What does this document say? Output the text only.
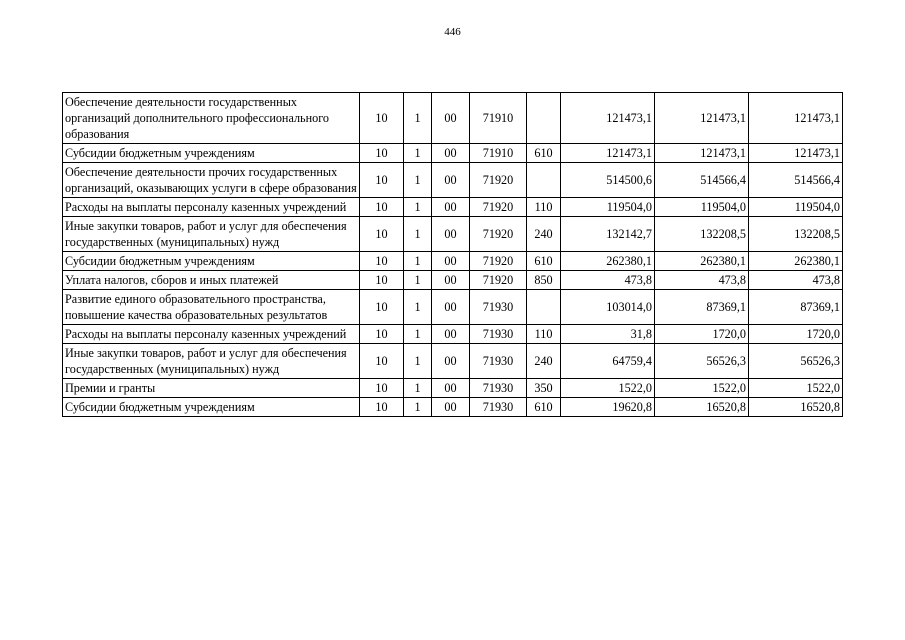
446
Обеспечение деятельности государственных организаций дополнительного профессионального образования	10	1	00	71910		121473,1	121473,1	121473,1
Субсидии бюджетным учреждениям	10	1	00	71910	610	121473,1	121473,1	121473,1
Обеспечение деятельности прочих государственных организаций, оказывающих услуги в сфере образования	10	1	00	71920		514500,6	514566,4	514566,4
Расходы на выплаты персоналу казенных учреждений	10	1	00	71920	110	119504,0	119504,0	119504,0
Иные закупки товаров, работ и услуг для обеспечения государственных (муниципальных) нужд	10	1	00	71920	240	132142,7	132208,5	132208,5
Субсидии бюджетным учреждениям	10	1	00	71920	610	262380,1	262380,1	262380,1
Уплата налогов, сборов и иных платежей	10	1	00	71920	850	473,8	473,8	473,8
Развитие единого образовательного пространства, повышение качества образовательных результатов	10	1	00	71930		103014,0	87369,1	87369,1
Расходы на выплаты персоналу казенных учреждений	10	1	00	71930	110	31,8	1720,0	1720,0
Иные закупки товаров, работ и услуг для обеспечения государственных (муниципальных) нужд	10	1	00	71930	240	64759,4	56526,3	56526,3
Премии и гранты	10	1	00	71930	350	1522,0	1522,0	1522,0
Субсидии бюджетным учреждениям	10	1	00	71930	610	19620,8	16520,8	16520,8
